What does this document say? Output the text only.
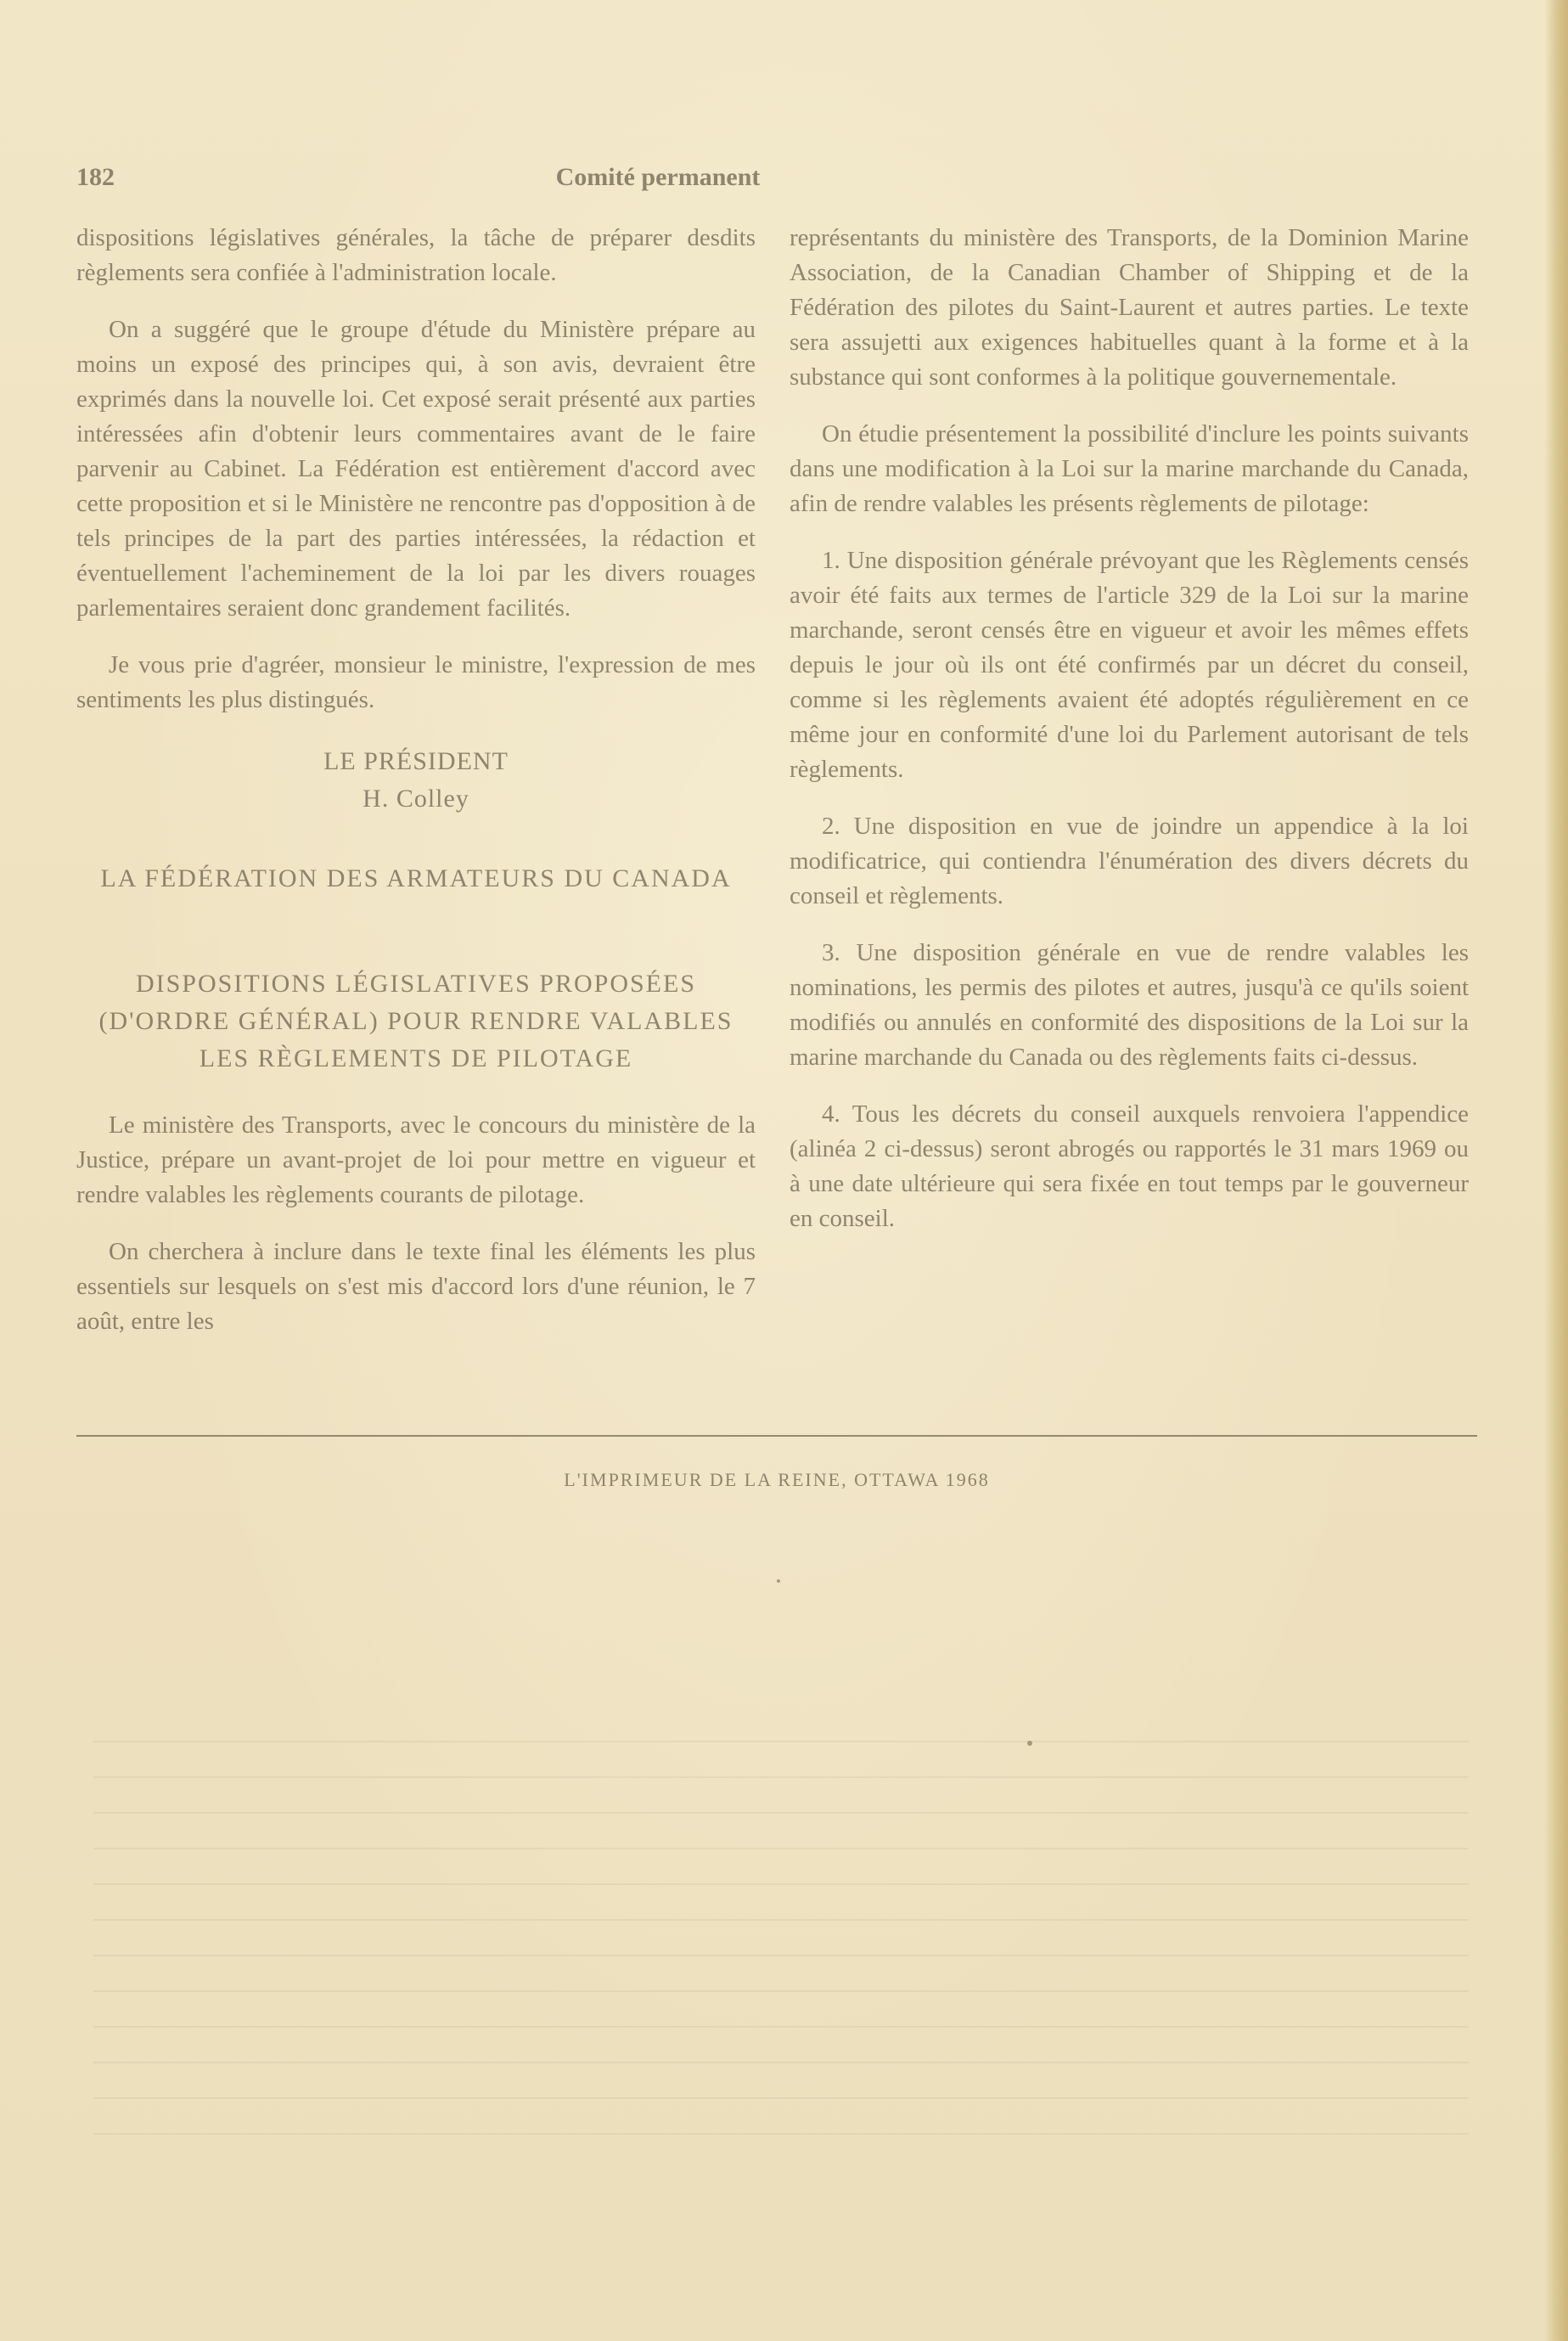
182	Comité permanent

dispositions législatives générales, la tâche de préparer desdits règlements sera confiée à l'administration locale.

On a suggéré que le groupe d'étude du Ministère prépare au moins un exposé des principes qui, à son avis, devraient être exprimés dans la nouvelle loi. Cet exposé serait présenté aux parties intéressées afin d'obtenir leurs commentaires avant de le faire parvenir au Cabinet. La Fédération est entièrement d'accord avec cette proposition et si le Ministère ne rencontre pas d'opposition à de tels principes de la part des parties intéressées, la rédaction et éventuellement l'acheminement de la loi par les divers rouages parlementaires seraient donc grandement facilités.

Je vous prie d'agréer, monsieur le ministre, l'expression de mes sentiments les plus distingués.

LE PRÉSIDENT
H. Colley
LA FÉDÉRATION DES ARMATEURS DU CANADA
DISPOSITIONS LÉGISLATIVES PROPOSÉES (D'ORDRE GÉNÉRAL) POUR RENDRE VALABLES LES RÈGLEMENTS DE PILOTAGE

Le ministère des Transports, avec le concours du ministère de la Justice, prépare un avant-projet de loi pour mettre en vigueur et rendre valables les règlements courants de pilotage.

On cherchera à inclure dans le texte final les éléments les plus essentiels sur lesquels on s'est mis d'accord lors d'une réunion, le 7 août, entre les

représentants du ministère des Transports, de la Dominion Marine Association, de la Canadian Chamber of Shipping et de la Fédération des pilotes du Saint-Laurent et autres parties. Le texte sera assujetti aux exigences habituelles quant à la forme et à la substance qui sont conformes à la politique gouvernementale.

On étudie présentement la possibilité d'inclure les points suivants dans une modification à la Loi sur la marine marchande du Canada, afin de rendre valables les présents règlements de pilotage:

1. Une disposition générale prévoyant que les Règlements censés avoir été faits aux termes de l'article 329 de la Loi sur la marine marchande, seront censés être en vigueur et avoir les mêmes effets depuis le jour où ils ont été confirmés par un décret du conseil, comme si les règlements avaient été adoptés régulièrement en ce même jour en conformité d'une loi du Parlement autorisant de tels règlements.

2. Une disposition en vue de joindre un appendice à la loi modificatrice, qui contiendra l'énumération des divers décrets du conseil et règlements.

3. Une disposition générale en vue de rendre valables les nominations, les permis des pilotes et autres, jusqu'à ce qu'ils soient modifiés ou annulés en conformité des dispositions de la Loi sur la marine marchande du Canada ou des règlements faits ci-dessus.

4. Tous les décrets du conseil auxquels renvoiera l'appendice (alinéa 2 ci-dessus) seront abrogés ou rapportés le 31 mars 1969 ou à une date ultérieure qui sera fixée en tout temps par le gouverneur en conseil.

L'IMPRIMEUR DE LA REINE, OTTAWA 1968
